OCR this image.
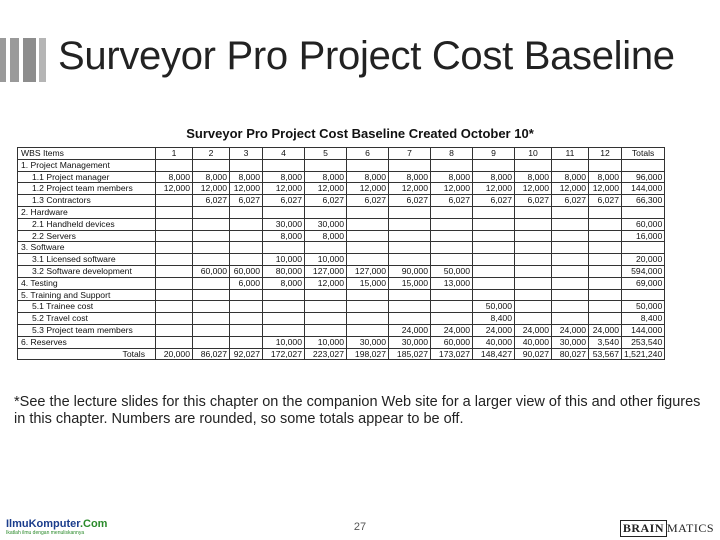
Surveyor Pro Project Cost Baseline
Surveyor Pro Project Cost Baseline Created October 10*
WBS Items	1	2	3	4	5	6	7	8	9	10	11	12	Totals
1. Project Management													
1.1 Project manager	8,000	8,000	8,000	8,000	8,000	8,000	8,000	8,000	8,000	8,000	8,000	8,000	96,000
1.2 Project team members	12,000	12,000	12,000	12,000	12,000	12,000	12,000	12,000	12,000	12,000	12,000	12,000	144,000
1.3 Contractors		6,027	6,027	6,027	6,027	6,027	6,027	6,027	6,027	6,027	6,027	6,027	66,300
2. Hardware													
2.1 Handheld devices				30,000	30,000								60,000
2.2 Servers				8,000	8,000								16,000
3. Software													
3.1 Licensed software				10,000	10,000								20,000
3.2 Software development		60,000	60,000	80,000	127,000	127,000	90,000	50,000					594,000
4. Testing			6,000	8,000	12,000	15,000	15,000	13,000					69,000
5. Training and Support													
5.1 Trainee cost									50,000				50,000
5.2 Travel cost									8,400				8,400
5.3 Project team members							24,000	24,000	24,000	24,000	24,000	24,000	144,000
6. Reserves				10,000	10,000	30,000	30,000	60,000	40,000	40,000	30,000	3,540	253,540
Totals	20,000	86,027	92,027	172,027	223,027	198,027	185,027	173,027	148,427	90,027	80,027	53,567	1,521,240
*See the lecture slides for this chapter on the companion Web site for a larger view of this and other figures in this chapter. Numbers are rounded, so some totals appear to be off.
IlmuKomputer.Com
Ikatlah ilmu dengan menuliskannya	27	BRAIN MATICS
